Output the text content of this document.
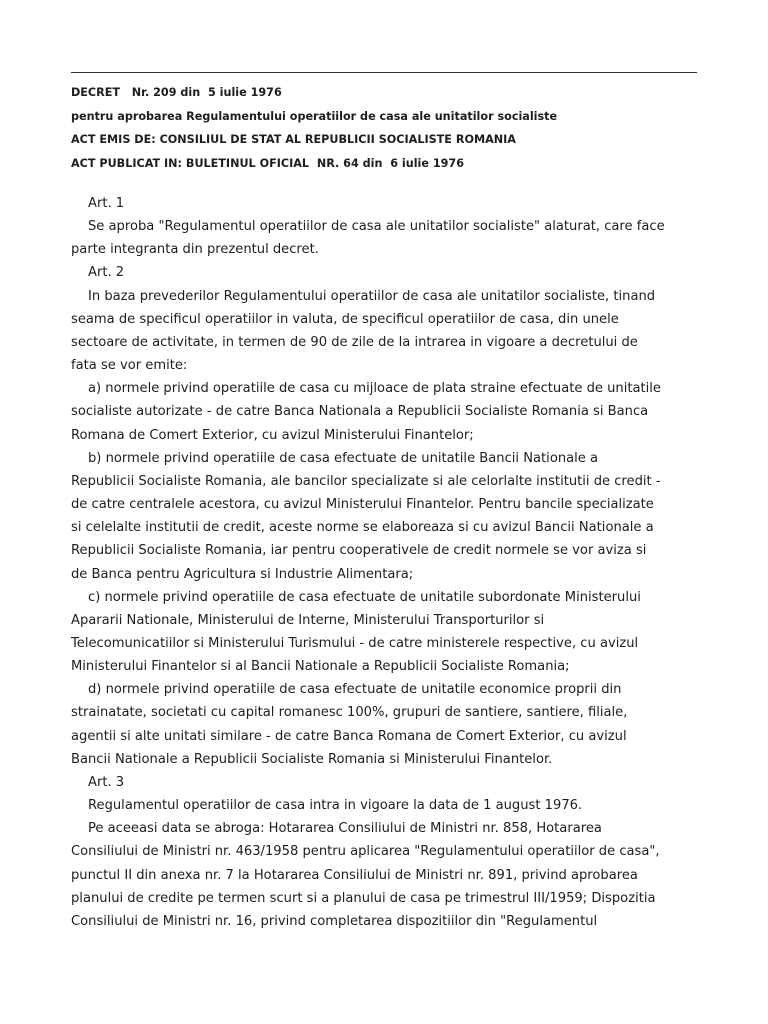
DECRET   Nr. 209 din  5 iulie 1976

pentru aprobarea Regulamentului operatiilor de casa ale unitatilor socialiste

ACT EMIS DE: CONSILIUL DE STAT AL REPUBLICII SOCIALISTE ROMANIA

ACT PUBLICAT IN: BULETINUL OFICIAL  NR. 64 din  6 iulie 1976

Art. 1

Se aproba "Regulamentul operatiilor de casa ale unitatilor socialiste" alaturat, care face

parte integranta din prezentul decret.

Art. 2

In baza prevederilor Regulamentului operatiilor de casa ale unitatilor socialiste, tinand

seama de specificul operatiilor in valuta, de specificul operatiilor de casa, din unele

sectoare de activitate, in termen de 90 de zile de la intrarea in vigoare a decretului de

fata se vor emite:

a) normele privind operatiile de casa cu mijloace de plata straine efectuate de unitatile

socialiste autorizate - de catre Banca Nationala a Republicii Socialiste Romania si Banca

Romana de Comert Exterior, cu avizul Ministerului Finantelor;

b) normele privind operatiile de casa efectuate de unitatile Bancii Nationale a

Republicii Socialiste Romania, ale bancilor specializate si ale celorlalte institutii de credit -

de catre centralele acestora, cu avizul Ministerului Finantelor. Pentru bancile specializate

si celelalte institutii de credit, aceste norme se elaboreaza si cu avizul Bancii Nationale a

Republicii Socialiste Romania, iar pentru cooperativele de credit normele se vor aviza si

de Banca pentru Agricultura si Industrie Alimentara;

c) normele privind operatiile de casa efectuate de unitatile subordonate Ministerului

Apararii Nationale, Ministerului de Interne, Ministerului Transporturilor si

Telecomunicatiilor si Ministerului Turismului - de catre ministerele respective, cu avizul

Ministerului Finantelor si al Bancii Nationale a Republicii Socialiste Romania;

d) normele privind operatiile de casa efectuate de unitatile economice proprii din

strainatate, societati cu capital romanesc 100%, grupuri de santiere, santiere, filiale,

agentii si alte unitati similare - de catre Banca Romana de Comert Exterior, cu avizul

Bancii Nationale a Republicii Socialiste Romania si Ministerului Finantelor.

Art. 3

Regulamentul operatiilor de casa intra in vigoare la data de 1 august 1976.

Pe aceeasi data se abroga: Hotararea Consiliului de Ministri nr. 858, Hotararea

Consiliului de Ministri nr. 463/1958 pentru aplicarea "Regulamentului operatiilor de casa",

punctul II din anexa nr. 7 la Hotararea Consiliului de Ministri nr. 891, privind aprobarea

planului de credite pe termen scurt si a planului de casa pe trimestrul III/1959; Dispozitia

Consiliului de Ministri nr. 16, privind completarea dispozitiilor din "Regulamentul
